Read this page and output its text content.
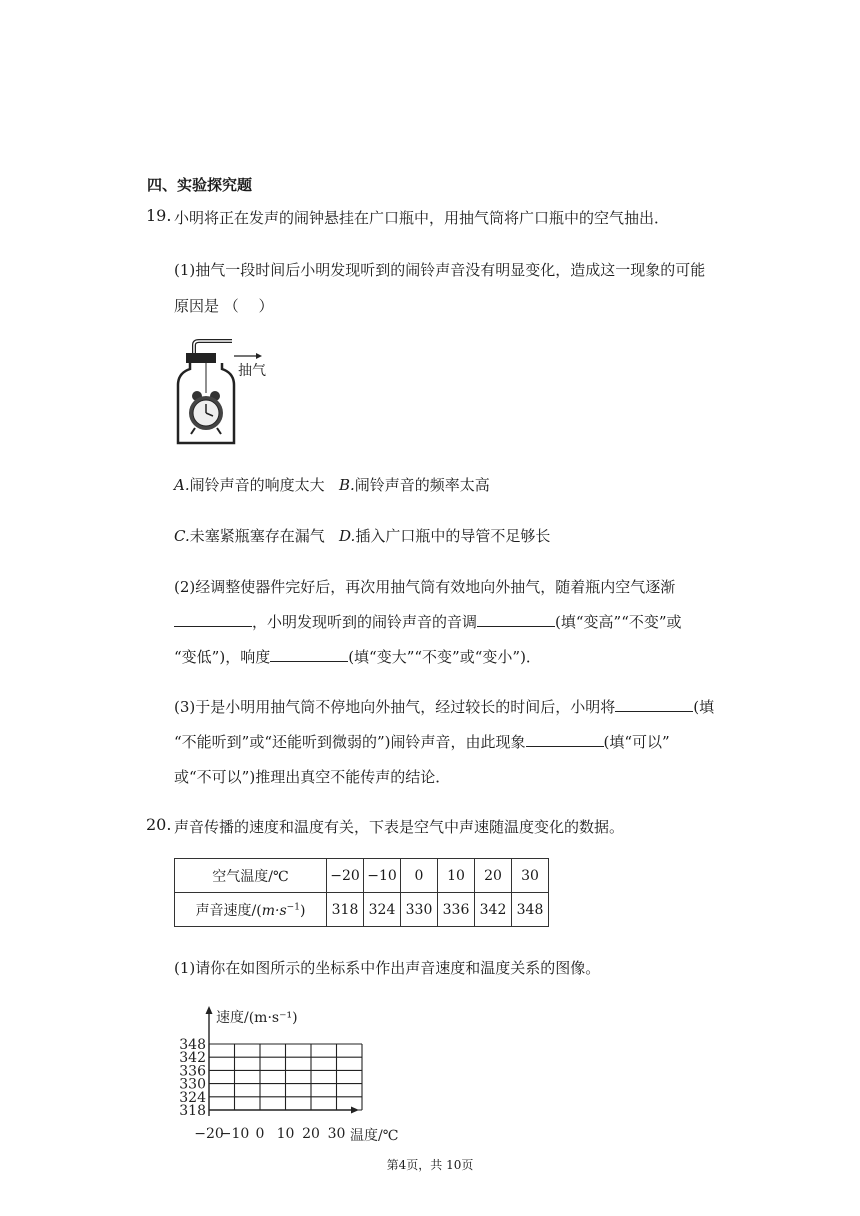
四、实验探究题
19. 小明将正在发声的闹钟悬挂在广口瓶中，用抽气筒将广口瓶中的空气抽出．
(1)抽气一段时间后小明发现听到的闹铃声音没有明显变化，造成这一现象的可能
原因是 （　 ）
抽气
A.闹铃声音的响度太大 B.闹铃声音的频率太高
C.未塞紧瓶塞存在漏气 D.插入广口瓶中的导管不足够长
(2)经调整使器件完好后，再次用抽气筒有效地向外抽气，随着瓶内空气逐渐
，小明发现听到的闹铃声音的音调	(填“变高”“不变”或
“变低”)，响度	(填“变大”“不变”或“变小”)．
(3)于是小明用抽气筒不停地向外抽气，经过较长的时间后，小明将	(填
“不能听到”或“还能听到微弱的”)闹铃声音，由此现象	(填“可以”
或“不可以”)推理出真空不能传声的结论．
20. 声音传播的速度和温度有关，下表是空气中声速随温度变化的数据。
空气温度/℃	−20	−10	0	10	20	30
声音速度$/(m\cdot s^{-1})$	318	324	330	336	342	348
(1)请你在如图所示的坐标系中作出声音速度和温度关系的图像。
速度/(m·s⁻¹)
温度/℃
348
342
336
330
324
318
−20
−10 0 10 20 30
第4页，共 10页
